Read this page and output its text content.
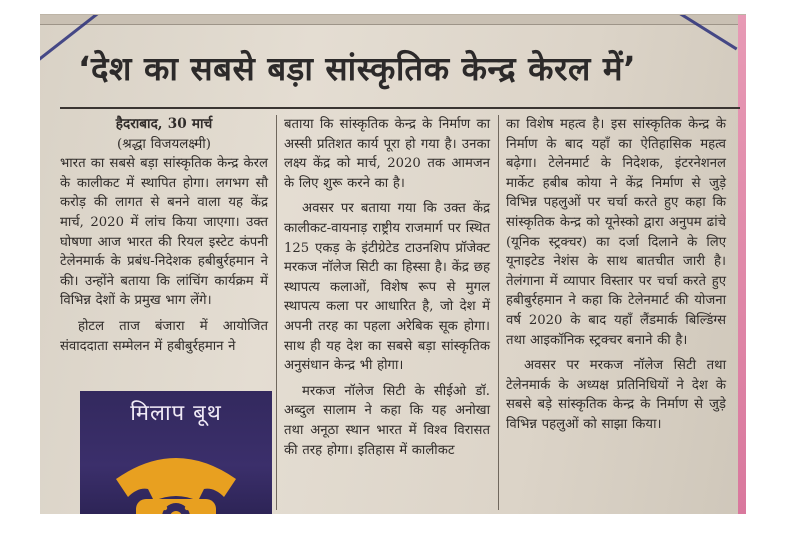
‘देश का सबसे बड़ा सांस्कृतिक केन्द्र केरल में’
हैदराबाद, 30 मार्च
(श्रद्धा विजयलक्ष्मी)

भारत का सबसे बड़ा सांस्कृतिक केन्द्र केरल के कालीकट में स्थापित होगा। लगभग सौ करोड़ की लागत से बनने वाला यह केंद्र मार्च, 2020 में लांच किया जाएगा। उक्त घोषणा आज भारत की रियल इस्टेट कंपनी टेलेनमार्क के प्रबंध-निदेशक हबीबुर्रहमान ने की। उन्होंने बताया कि लांचिंग कार्यक्रम में विभिन्न देशों के प्रमुख भाग लेंगे।

होटल ताज बंजारा में आयोजित संवाददाता सम्मेलन में हबीबुर्रहमान ने

मिलाप बूथ

बताया कि सांस्कृतिक केन्द्र के निर्माण का अस्सी प्रतिशत कार्य पूरा हो गया है। उनका लक्ष्य केंद्र को मार्च, 2020 तक आमजन के लिए शुरू करने का है।

अवसर पर बताया गया कि उक्त केंद्र कालीकट-वायनाड़ राष्ट्रीय राजमार्ग पर स्थित 125 एकड़ के इंटीग्रेटेड टाउनशिप प्रॉजेक्ट मरकज नॉलेज सिटी का हिस्सा है। केंद्र छह स्थापत्य कलाओं, विशेष रूप से मुगल स्थापत्य कला पर आधारित है, जो देश में अपनी तरह का पहला अरेबिक सूक होगा। साथ ही यह देश का सबसे बड़ा सांस्कृतिक अनुसंधान केन्द्र भी होगा।

मरकज नॉलेज सिटी के सीईओ डॉ. अब्दुल सालाम ने कहा कि यह अनोखा तथा अनूठा स्थान भारत में विश्व विरासत की तरह होगा। इतिहास में कालीकट

का विशेष महत्व है। इस सांस्कृतिक केन्द्र के निर्माण के बाद यहाँ का ऐतिहासिक महत्व बढ़ेगा। टेलेनमार्ट के निदेशक, इंटरनेशनल मार्केट हबीब कोया ने केंद्र निर्माण से जुड़े विभिन्न पहलुओं पर चर्चा करते हुए कहा कि सांस्कृतिक केन्द्र को यूनेस्को द्वारा अनुपम ढांचे (यूनिक स्ट्रक्चर) का दर्जा दिलाने के लिए यूनाइटेड नेशंस के साथ बातचीत जारी है। तेलंगाना में व्यापार विस्तार पर चर्चा करते हुए हबीबुर्रहमान ने कहा कि टेलेनमार्ट की योजना वर्ष 2020 के बाद यहाँ लैंडमार्क बिल्डिंग्स तथा आइकॉनिक स्ट्रक्चर बनाने की है।

अवसर पर मरकज नॉलेज सिटी तथा टेलेनमार्क के अध्यक्ष प्रतिनिधियों ने देश के सबसे बड़े सांस्कृतिक केन्द्र के निर्माण से जुड़े विभिन्न पहलुओं को साझा किया।
